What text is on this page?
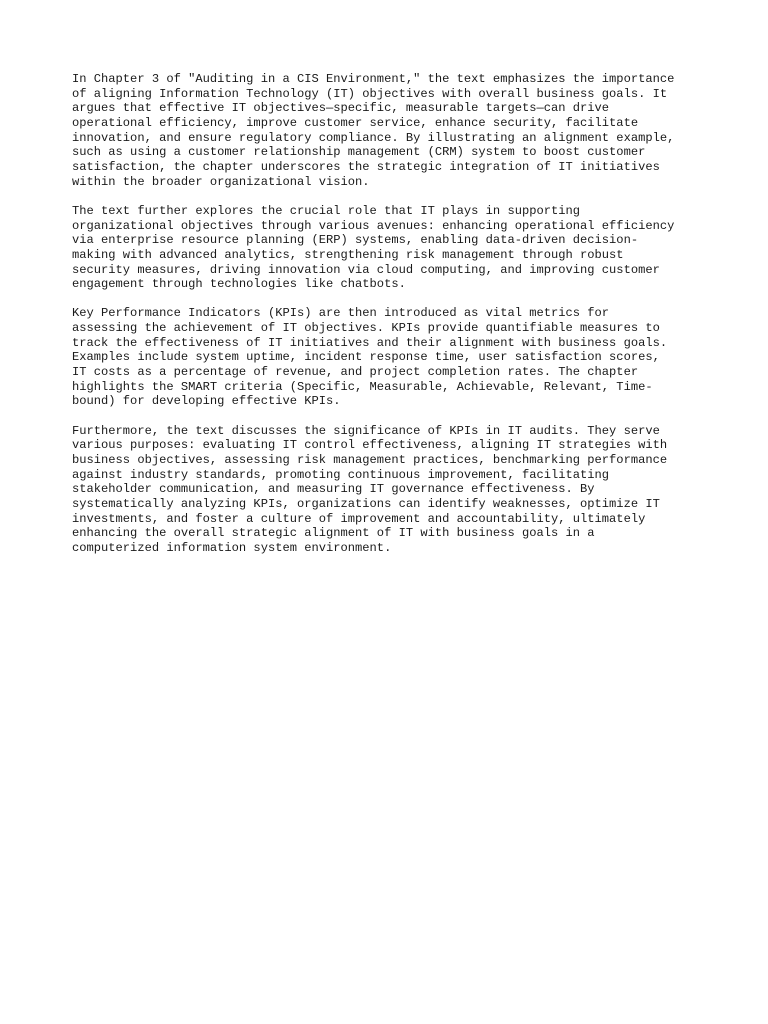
In Chapter 3 of "Auditing in a CIS Environment," the text emphasizes the importance
of aligning Information Technology (IT) objectives with overall business goals. It
argues that effective IT objectives—specific, measurable targets—can drive
operational efficiency, improve customer service, enhance security, facilitate
innovation, and ensure regulatory compliance. By illustrating an alignment example,
such as using a customer relationship management (CRM) system to boost customer
satisfaction, the chapter underscores the strategic integration of IT initiatives
within the broader organizational vision.

The text further explores the crucial role that IT plays in supporting
organizational objectives through various avenues: enhancing operational efficiency
via enterprise resource planning (ERP) systems, enabling data-driven decision-
making with advanced analytics, strengthening risk management through robust
security measures, driving innovation via cloud computing, and improving customer
engagement through technologies like chatbots.

Key Performance Indicators (KPIs) are then introduced as vital metrics for
assessing the achievement of IT objectives. KPIs provide quantifiable measures to
track the effectiveness of IT initiatives and their alignment with business goals.
Examples include system uptime, incident response time, user satisfaction scores,
IT costs as a percentage of revenue, and project completion rates. The chapter
highlights the SMART criteria (Specific, Measurable, Achievable, Relevant, Time-
bound) for developing effective KPIs.

Furthermore, the text discusses the significance of KPIs in IT audits. They serve
various purposes: evaluating IT control effectiveness, aligning IT strategies with
business objectives, assessing risk management practices, benchmarking performance
against industry standards, promoting continuous improvement, facilitating
stakeholder communication, and measuring IT governance effectiveness. By
systematically analyzing KPIs, organizations can identify weaknesses, optimize IT
investments, and foster a culture of improvement and accountability, ultimately
enhancing the overall strategic alignment of IT with business goals in a
computerized information system environment.
